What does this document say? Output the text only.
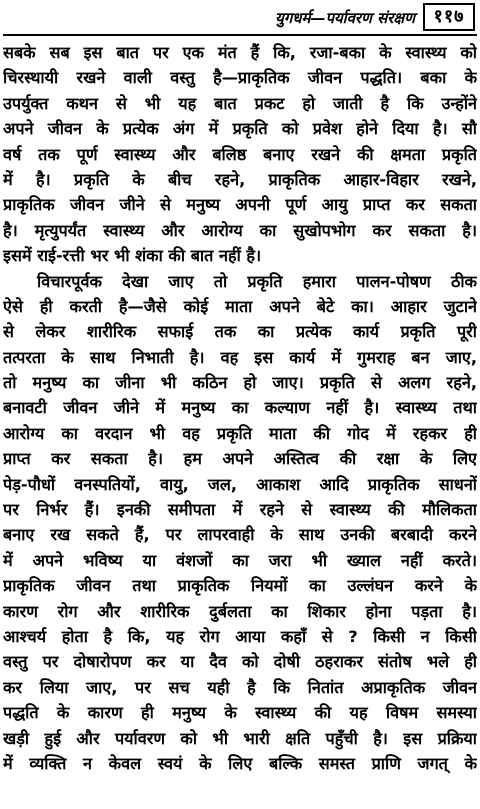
युगधर्म—पर्यावरण संरक्षण	११७
सबके सब इस बात पर एक मंत हैं कि, रजा-बका के स्वास्थ्य को
चिरस्थायी रखने वाली वस्तु है—प्राकृतिक जीवन पद्धति। बका के
उपर्युक्त कथन से भी यह बात प्रकट हो जाती है कि उन्होंने
अपने जीवन के प्रत्येक अंग में प्रकृति को प्रवेश होने दिया है। सौ
वर्ष तक पूर्ण स्वास्थ्य और बलिष्ठ बनाए रखने की क्षमता प्रकृति
में है। प्रकृति के बीच रहने, प्राकृतिक आहार-विहार रखने,
प्राकृतिक जीवन जीने से मनुष्य अपनी पूर्ण आयु प्राप्त कर सकता
है। मृत्युपर्यंत स्वास्थ्य और आरोग्य का सुखोपभोग कर सकता है।
इसमें राई-रत्ती भर भी शंका की बात नहीं है।
विचारपूर्वक देखा जाए तो प्रकृति हमारा पालन-पोषण ठीक
ऐसे ही करती है—जैसे कोई माता अपने बेटे का। आहार जुटाने
से लेकर शारीरिक सफाई तक का प्रत्येक कार्य प्रकृति पूरी
तत्परता के साथ निभाती है। वह इस कार्य में गुमराह बन जाए,
तो मनुष्य का जीना भी कठिन हो जाए। प्रकृति से अलग रहने,
बनावटी जीवन जीने में मनुष्य का कल्याण नहीं है। स्वास्थ्य तथा
आरोग्य का वरदान भी वह प्रकृति माता की गोद में रहकर ही
प्राप्त कर सकता है। हम अपने अस्तित्व की रक्षा के लिए
पेड़-पौधों वनस्पतियों, वायु, जल, आकाश आदि प्राकृतिक साधनों
पर निर्भर हैं। इनकी समीपता में रहने से स्वास्थ्य की मौलिकता
बनाए रख सकते हैं, पर लापरवाही के साथ उनकी बरबादी करने
में अपने भविष्य या वंशजों का जरा भी ख्याल नहीं करते।
प्राकृतिक जीवन तथा प्राकृतिक नियमों का उल्लंघन करने के
कारण रोग और शारीरिक दुर्बलता का शिकार होना पड़ता है।
आश्चर्य होता है कि, यह रोग आया कहाँ से ? किसी न किसी
वस्तु पर दोषारोपण कर या दैव को दोषी ठहराकर संतोष भले ही
कर लिया जाए, पर सच यही है कि नितांत अप्राकृतिक जीवन
पद्धति के कारण ही मनुष्य के स्वास्थ्य की यह विषम समस्या
खड़ी हुई और पर्यावरण को भी भारी क्षति पहुँची है। इस प्रक्रिया
में व्यक्ति न केवल स्वयं के लिए बल्कि समस्त प्राणि जगत् के
